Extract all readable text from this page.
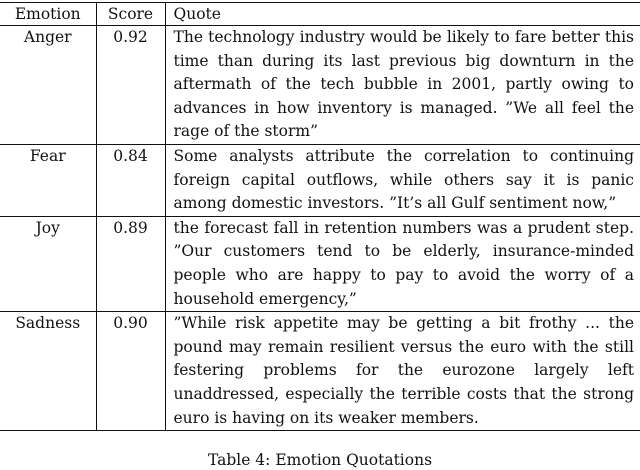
Emotion	Score	Quote
Anger	0.92	The technology industry would be likely to fare better this time than during its last previous big downturn in the aftermath of the tech bubble in 2001, partly owing to advances in how inventory is managed. ”We all feel the rage of the storm”
Fear	0.84	Some analysts attribute the correlation to continuing foreign capital outflows, while others say it is panic among domestic investors. ”It’s all Gulf sentiment now,”
Joy	0.89	the forecast fall in retention numbers was a prudent step. ”Our customers tend to be elderly, insurance-minded people who are happy to pay to avoid the worry of a household emergency,”
Sadness	0.90	”While risk appetite may be getting a bit frothy ... the pound may remain resilient versus the euro with the still festering problems for the eurozone largely left unaddressed, especially the terrible costs that the strong euro is having on its weaker members.
Table 4: Emotion Quotations
